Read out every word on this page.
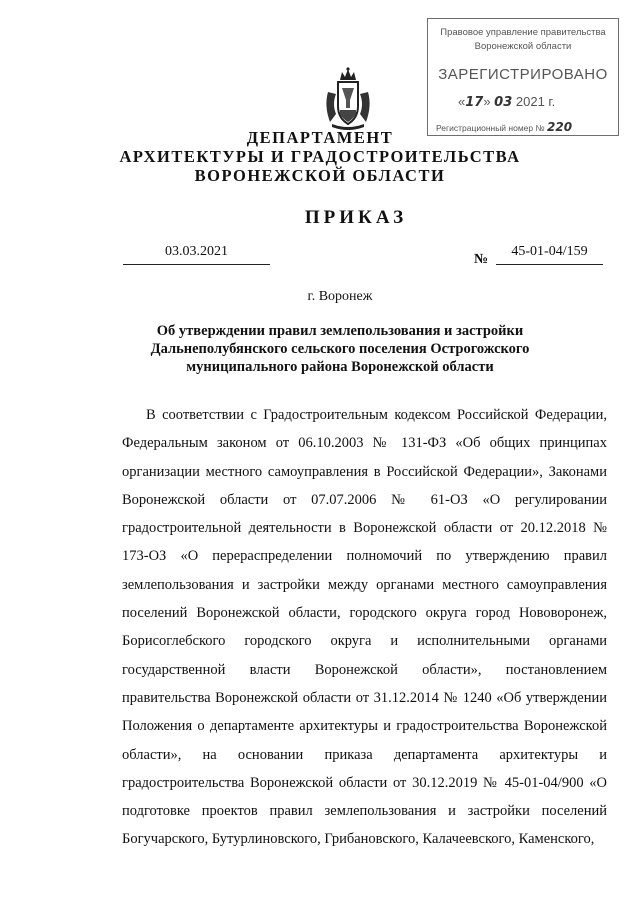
Правовое управление правительства
Воронежской области
ЗАРЕГИСТРИРОВАНО
«17» 03 2021 г.
Регистрационный номер № 220
ДЕПАРТАМЕНТ
АРХИТЕКТУРЫ И ГРАДОСТРОИТЕЛЬСТВА
ВОРОНЕЖСКОЙ ОБЛАСТИ
ПРИКАЗ
03.03.2021
№
45-01-04/159
г. Воронеж
Об утверждении правил землепользования и застройки
Дальнеполубянского сельского поселения Острогожского
муниципального района Воронежской области
В соответствии с Градостроительным кодексом Российской Федерации, Федеральным законом от 06.10.2003 № 131-ФЗ «Об общих принципах организации местного самоуправления в Российской Федерации», Законами Воронежской области от 07.07.2006 № 61-ОЗ «О регулировании градостроительной деятельности в Воронежской области от 20.12.2018 № 173-ОЗ «О перераспределении полномочий по утверждению правил землепользования и застройки между органами местного самоуправления поселений Воронежской области, городского округа город Нововоронеж, Борисоглебского городского округа и исполнительными органами государственной власти Воронежской области», постановлением правительства Воронежской области от 31.12.2014 № 1240 «Об утверждении Положения о департаменте архитектуры и градостроительства Воронежской области», на основании приказа департамента архитектуры и градостроительства Воронежской области от 30.12.2019 № 45-01-04/900 «О подготовке проектов правил землепользования и застройки поселений Богучарского, Бутурлиновского, Грибановского, Калачеевского, Каменского,
